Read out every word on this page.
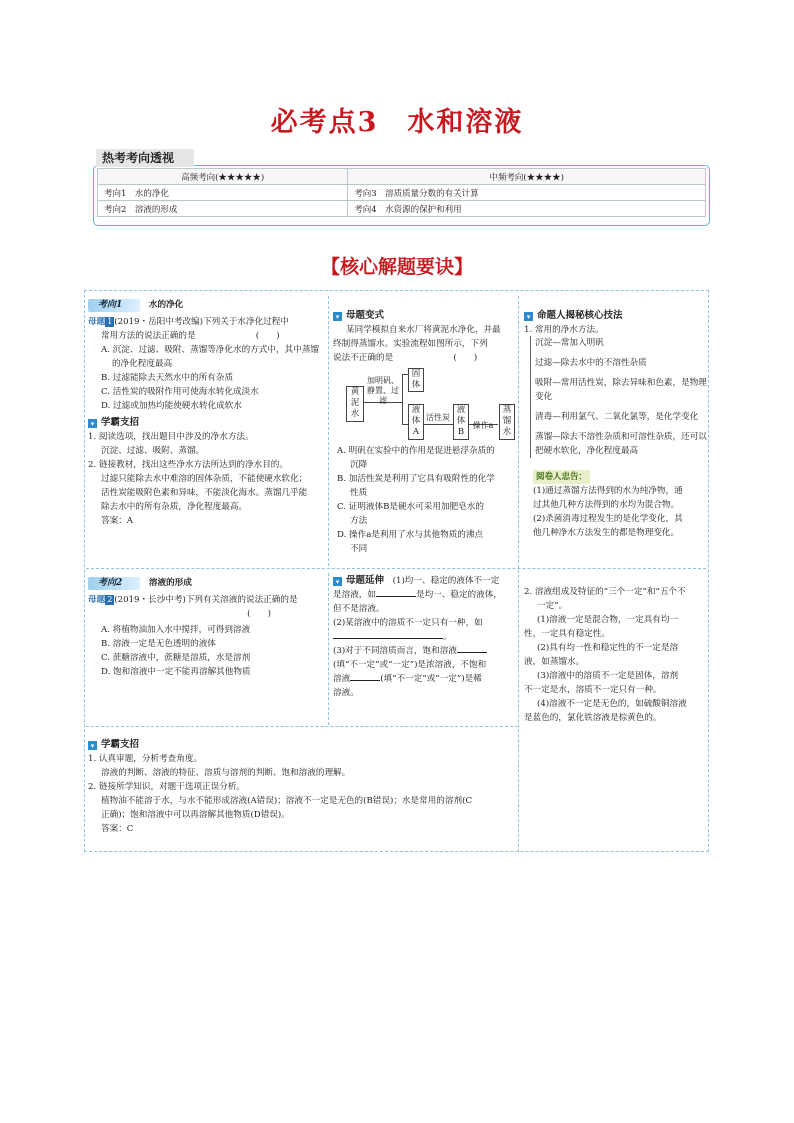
必考点3　水和溶液
热考考向透视
高频考向(★★★★★)	中频考向(★★★★)
考向1　水的净化	考向3　溶质质量分数的有关计算
考向2　溶液的形成	考向4　水资源的保护和利用
【核心解题要诀】

考向1　	水的净化

母题 1 (2019・岳阳中考改编)下列关于水净化过程中

常用方法的说法正确的是　　　　　　　(　　)

A. 沉淀、过滤、吸附、蒸馏等净化水的方式中，其中蒸馏

的净化程度最高

B. 过滤能除去天然水中的所有杂质

C. 活性炭的吸附作用可使海水转化成淡水

D. 过滤或加热均能使硬水转化成软水

▾ 学霸支招

1. 阅读选项，找出题目中涉及的净水方法。

沉淀、过滤、吸附、蒸馏。

2. 链接教材，找出这些净水方法所达到的净水目的。

过滤只能除去水中难溶的固体杂质，不能使硬水软化；

活性炭能吸附色素和异味，不能淡化海水。蒸馏几乎能

除去水中的所有杂质，净化程度最高。

答案：A

▾ 母题变式

某同学模拟自来水厂将黄泥水净化，并最

终制得蒸馏水。实验流程如图所示，下列

说法不正确的是　　　　　　　(　　)

黄泥水
加明矾、静置、过滤
固体
液体A
活性炭
液体B
操作a
蒸馏水

A. 明矾在实验中的作用是促进悬浮杂质的

沉降

B. 加活性炭是利用了它具有吸附性的化学

性质

C. 证明液体B是硬水可采用加肥皂水的

方法

D. 操作a是利用了水与其他物质的沸点

不同

▾ 命题人揭秘核心技法

1. 常用的净水方法。

沉淀—常加入明矾

过滤—除去水中的不溶性杂质

吸附—常用活性炭，除去异味和色素，是物理变化

清毒—利用氯气、二氧化氯等，是化学变化

蒸馏—除去不溶性杂质和可溶性杂质，还可以把硬水软化，净化程度最高

阅卷人忠告：

(1)通过蒸馏方法得到的水为纯净物，通

过其他几种方法得到的水均为混合物。

(2)杀菌消毒过程发生的是化学变化，其

他几种净水方法发生的都是物理变化。

考向2　	溶液的形成

母题 2 (2019・长沙中考)下列有关溶液的说法正确的是

　　　　　　　　　　　　　　　　　(　　)

A. 将植物油加入水中搅拌，可得到溶液

B. 溶液一定是无色透明的液体

C. 蔗糖溶液中，蔗糖是溶质，水是溶剂

D. 饱和溶液中一定不能再溶解其他物质

▾ 母题延伸　 (1)均一、稳定的液体不一定

是溶液，如	是均一、稳定的液体，

但不是溶液。

(2)某溶液中的溶质不一定只有一种，如

。

(3)对于不同溶质而言，饱和溶液

(填“不一定”或“一定”)是浓溶液，不饱和

溶液	(填“不一定”或“一定”)是稀

溶液。

2. 溶液组成及特征的“三个一定”和“五个不

一定”。

(1)溶液一定是混合物，一定具有均一

性，一定具有稳定性。

(2)具有均一性和稳定性的不一定是溶

液，如蒸馏水。

(3)溶液中的溶质不一定是固体，溶剂

不一定是水，溶质不一定只有一种。

(4)溶液不一定是无色的，如硫酸铜溶液

是蓝色的，氯化铁溶液是棕黄色的。

▾ 学霸支招

1. 认真审题，分析考查角度。

溶液的判断、溶液的特征、溶质与溶剂的判断、饱和溶液的理解。

2. 链接所学知识，对题干选项正误分析。

植物油不能溶于水，与水不能形成溶液(A错误)；溶液不一定是无色的(B错误)；水是常用的溶剂(C

正确)；饱和溶液中可以再溶解其他物质(D错误)。

答案：C
